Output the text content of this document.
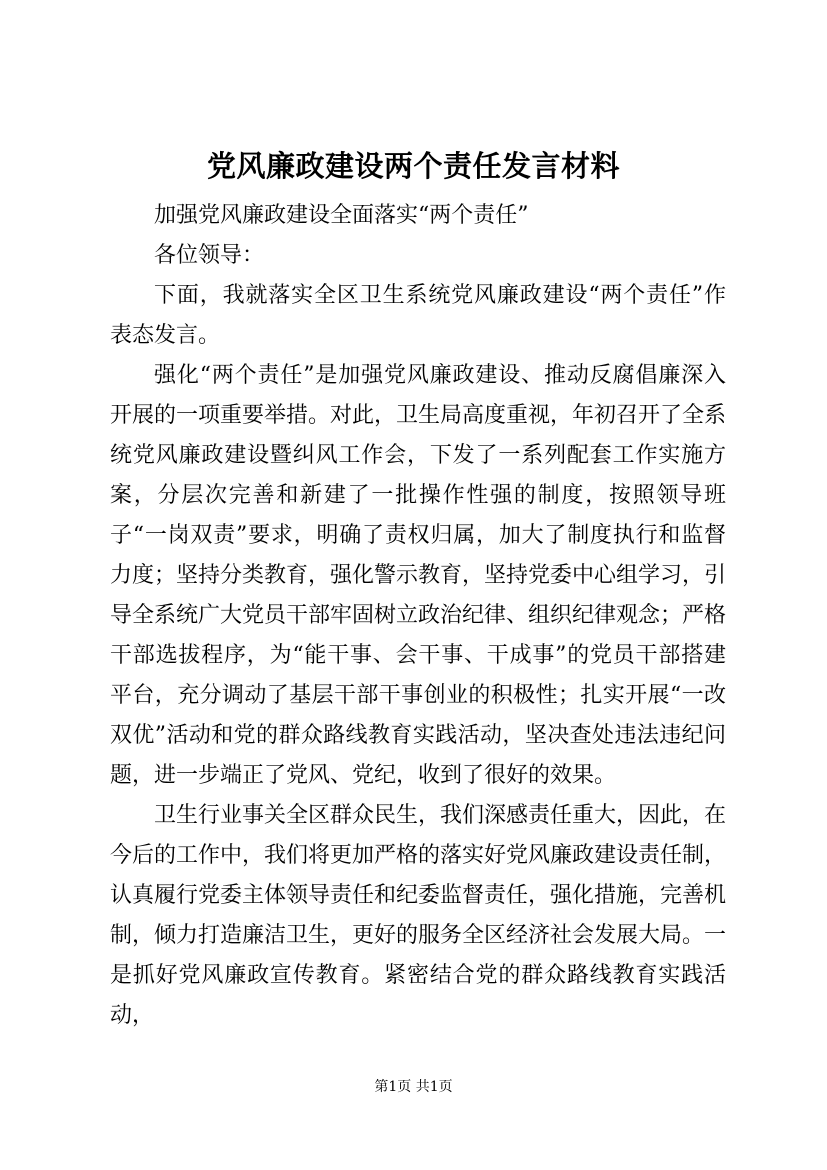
党风廉政建设两个责任发言材料

加强党风廉政建设全面落实“两个责任”

各位领导：

下面，我就落实全区卫生系统党风廉政建设“两个责任”作表态发言。

强化“两个责任”是加强党风廉政建设、推动反腐倡廉深入开展的一项重要举措。对此，卫生局高度重视，年初召开了全系统党风廉政建设暨纠风工作会，下发了一系列配套工作实施方案，分层次完善和新建了一批操作性强的制度，按照领导班子“一岗双责”要求，明确了责权归属，加大了制度执行和监督力度；坚持分类教育，强化警示教育，坚持党委中心组学习，引导全系统广大党员干部牢固树立政治纪律、组织纪律观念；严格干部选拔程序，为“能干事、会干事、干成事”的党员干部搭建平台，充分调动了基层干部干事创业的积极性；扎实开展“一改双优”活动和党的群众路线教育实践活动，坚决查处违法违纪问题，进一步端正了党风、党纪，收到了很好的效果。

卫生行业事关全区群众民生，我们深感责任重大，因此，在今后的工作中，我们将更加严格的落实好党风廉政建设责任制，认真履行党委主体领导责任和纪委监督责任，强化措施，完善机制，倾力打造廉洁卫生，更好的服务全区经济社会发展大局。一是抓好党风廉政宣传教育。紧密结合党的群众路线教育实践活动，

第1页 共1页
